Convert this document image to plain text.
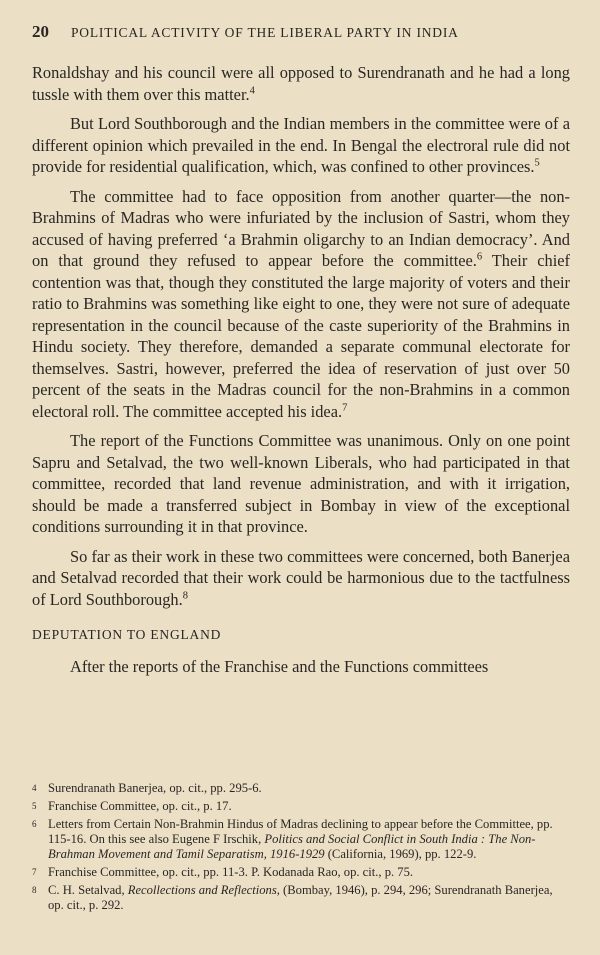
20 POLITICAL ACTIVITY OF THE LIBERAL PARTY IN INDIA

Ronaldshay and his council were all opposed to Surendranath and he had a long tussle with them over this matter.$^4$

But Lord Southborough and the Indian members in the committee were of a different opinion which prevailed in the end. In Bengal the electroral rule did not provide for residential qualification, which, was confined to other provinces.$^5$

The committee had to face opposition from another quarter—the non-Brahmins of Madras who were infuriated by the inclusion of Sastri, whom they accused of having preferred ‘a Brahmin oligarchy to an Indian democracy’. And on that ground they refused to appear before the committee.$^6$ Their chief contention was that, though they constituted the large majority of voters and their ratio to Brahmins was something like eight to one, they were not sure of adequate representation in the council because of the caste superiority of the Brahmins in Hindu society. They therefore, demanded a separate communal electorate for themselves. Sastri, however, preferred the idea of reservation of just over 50 percent of the seats in the Madras council for the non-Brahmins in a common electoral roll. The committee accepted his idea.$^7$

The report of the Functions Committee was unanimous. Only on one point Sapru and Setalvad, the two well-known Liberals, who had participated in that committee, recorded that land revenue administration, and with it irrigation, should be made a transferred subject in Bombay in view of the exceptional conditions surrounding it in that province.

So far as their work in these two committees were concerned, both Banerjea and Setalvad recorded that their work could be harmonious due to the tactfulness of Lord Southborough.$^8$

DEPUTATION TO ENGLAND

After the reports of the Franchise and the Functions committees

4 Surendranath Banerjea, op. cit., pp. 295-6.
5 Franchise Committee, op. cit., p. 17.
6 Letters from Certain Non-Brahmin Hindus of Madras declining to appear before the Committee, pp. 115-16. On this see also Eugene F Irschik, Politics and Social Conflict in South India : The Non-Brahman Movement and Tamil Separatism, 1916-1929 (California, 1969), pp. 122-9.
7 Franchise Committee, op. cit., pp. 11-3. P. Kodanada Rao, op. cit., p. 75.
8 C. H. Setalvad, Recollections and Reflections, (Bombay, 1946), p. 294, 296; Surendranath Banerjea, op. cit., p. 292.
